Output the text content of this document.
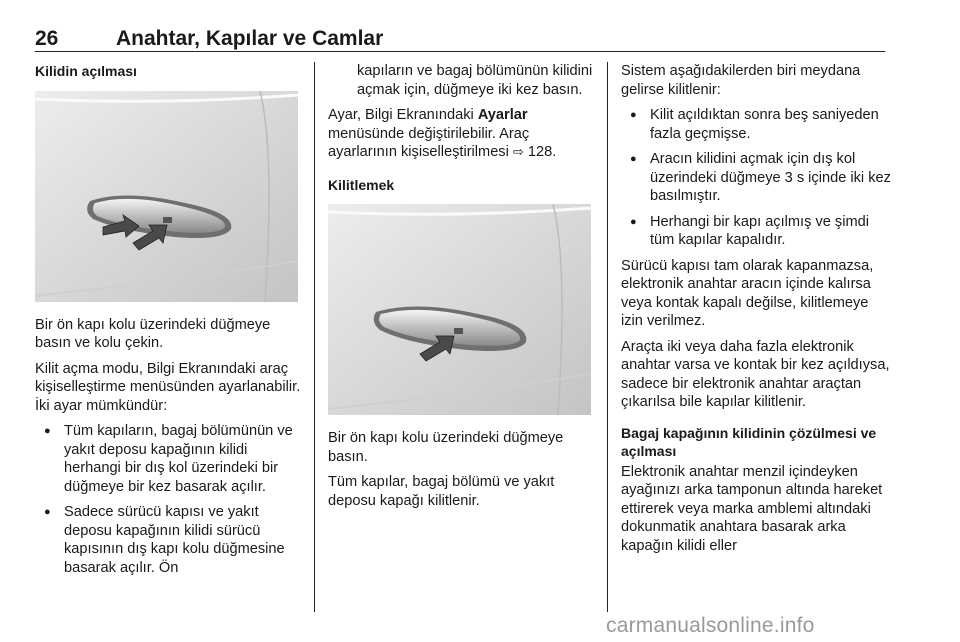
26	Anahtar, Kapılar ve Camlar
Kilidin açılması

Bir ön kapı kolu üzerindeki düğmeye basın ve kolu çekin.

Kilit açma modu, Bilgi Ekranındaki araç kişiselleştirme menüsünden ayarlanabilir. İki ayar mümkündür:

● Tüm kapıların, bagaj bölümünün ve yakıt deposu kapağının kilidi herhangi bir dış kol üzerindeki bir düğmeye bir kez basarak açılır.
● Sadece sürücü kapısı ve yakıt deposu kapağının kilidi sürücü kapısının dış kapı kolu düğmesine basarak açılır. Ön
kapıların ve bagaj bölümünün kilidini açmak için, düğmeye iki kez basın.

Ayar, Bilgi Ekranındaki Ayarlar menüsünde değiştirilebilir. Araç ayarlarının kişiselleştirilmesi ⇨ 128.

Kilitlemek

Bir ön kapı kolu üzerindeki düğmeye basın.

Tüm kapılar, bagaj bölümü ve yakıt deposu kapağı kilitlenir.

Sistem aşağıdakilerden biri meydana gelirse kilitlenir:

● Kilit açıldıktan sonra beş saniyeden fazla geçmişse.
● Aracın kilidini açmak için dış kol üzerindeki düğmeye 3 s içinde iki kez basılmıştır.
● Herhangi bir kapı açılmış ve şimdi tüm kapılar kapalıdır.

Sürücü kapısı tam olarak kapanmazsa, elektronik anahtar aracın içinde kalırsa veya kontak kapalı değilse, kilitlemeye izin verilmez.

Araçta iki veya daha fazla elektronik anahtar varsa ve kontak bir kez açıldıysa, sadece bir elektronik anahtar araçtan çıkarılsa bile kapılar kilitlenir.

Bagaj kapağının kilidinin çözülmesi ve açılması

Elektronik anahtar menzil içindeyken ayağınızı arka tamponun altında hareket ettirerek veya marka amblemi altındaki dokunmatik anahtara basarak arka kapağın kilidi eller

carmanualsonline.info
